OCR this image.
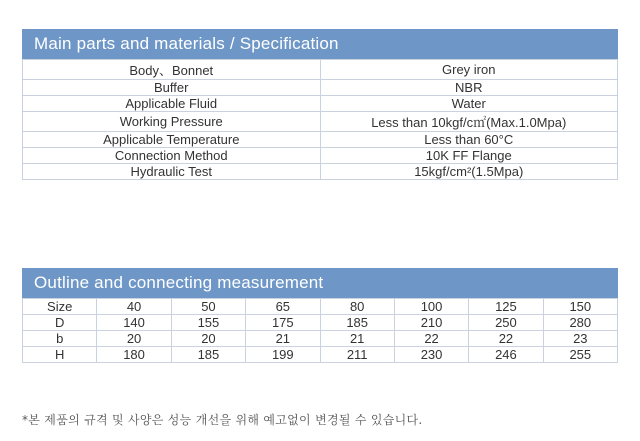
Main parts and materials / Specification
Body、Bonnet	Grey iron
Buffer	NBR
Applicable Fluid	Water
Working Pressure	Less than 10kgf/c㎡(Max.1.0Mpa)
Applicable Temperature	Less than 60°C
Connection Method	10K FF Flange
Hydraulic Test	15kgf/cm²(1.5Mpa)
Outline and connecting measurement
Size	40	50	65	80	100	125	150
D	140	155	175	185	210	250	280
b	20	20	21	21	22	22	23
H	180	185	199	211	230	246	255
*본 제품의 규격 및 사양은 성능 개선을 위해 예고없이 변경될 수 있습니다.
